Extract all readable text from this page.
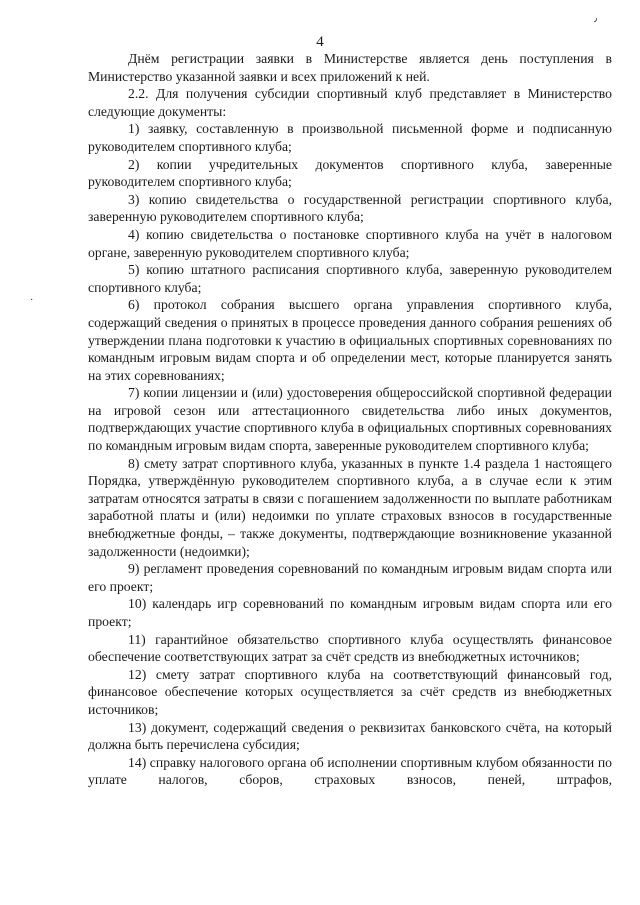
٫
·
4

Днём регистрации заявки в Министерстве является день поступления в Министерство указанной заявки и всех приложений к ней.

2.2. Для получения субсидии спортивный клуб представляет в Министерство следующие документы:

1) заявку, составленную в произвольной письменной форме и подписанную руководителем спортивного клуба;

2) копии учредительных документов спортивного клуба, заверенные руководителем спортивного клуба;

3) копию свидетельства о государственной регистрации спортивного клуба, заверенную руководителем спортивного клуба;

4) копию свидетельства о постановке спортивного клуба на учёт в налоговом органе, заверенную руководителем спортивного клуба;

5) копию штатного расписания спортивного клуба, заверенную руководителем спортивного клуба;

6) протокол собрания высшего органа управления спортивного клуба, содержащий сведения о принятых в процессе проведения данного собрания решениях об утверждении плана подготовки к участию в официальных спортивных соревнованиях по командным игровым видам спорта и об определении мест, которые планируется занять на этих соревнованиях;

7) копии лицензии и (или) удостоверения общероссийской спортивной федерации на игровой сезон или аттестационного свидетельства либо иных документов, подтверждающих участие спортивного клуба в официальных спортивных соревнованиях по командным игровым видам спорта, заверенные руководителем спортивного клуба;

8) смету затрат спортивного клуба, указанных в пункте 1.4 раздела 1 настоящего Порядка, утверждённую руководителем спортивного клуба, а в случае если к этим затратам относятся затраты в связи с погашением задолженности по выплате работникам заработной платы и (или) недоимки по уплате страховых взносов в государственные внебюджетные фонды, – также документы, подтверждающие возникновение указанной задолженности (недоимки);

9) регламент проведения соревнований по командным игровым видам спорта или его проект;

10) календарь игр соревнований по командным игровым видам спорта или его проект;

11) гарантийное обязательство спортивного клуба осуществлять финансовое обеспечение соответствующих затрат за счёт средств из внебюджетных источников;

12) смету затрат спортивного клуба на соответствующий финансовый год, финансовое обеспечение которых осуществляется за счёт средств из внебюджетных источников;

13) документ, содержащий сведения о реквизитах банковского счёта, на который должна быть перечислена субсидия;

14) справку налогового органа об исполнении спортивным клубом обязанности по уплате налогов, сборов, страховых взносов, пеней, штрафов,
